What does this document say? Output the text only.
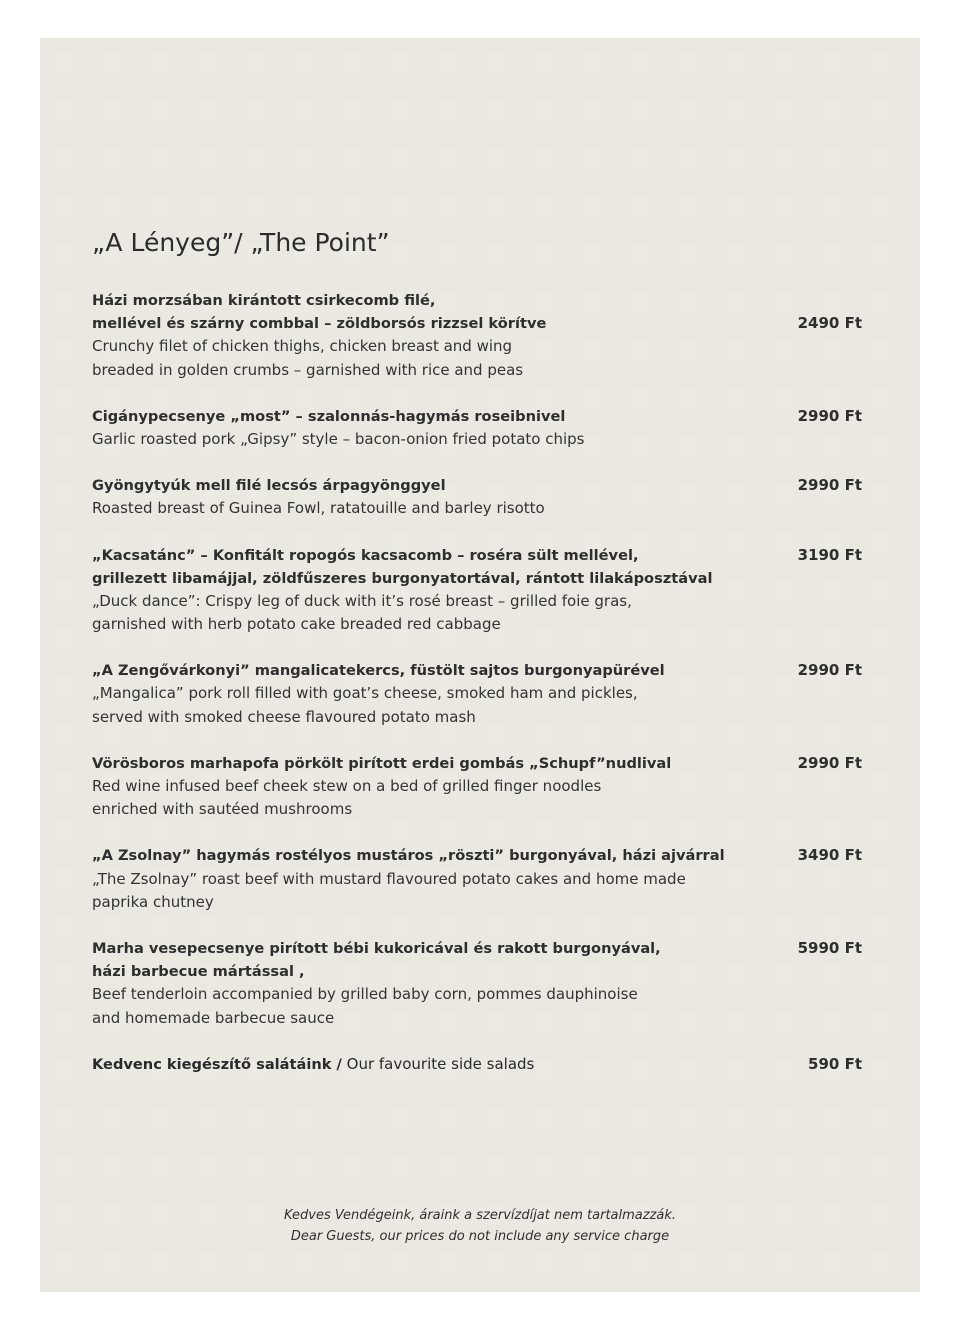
„A Lényeg”/ „The Point”
Házi morzsában kirántott csirkecomb filé,
mellével és szárny combbal – zöldborsós rizzsel körítve
Crunchy filet of chicken thighs, chicken breast and wing
breaded in golden crumbs – garnished with rice and peas
2490 Ft
Cigánypecsenye „most” – szalonnás-hagymás roseibnivel
Garlic roasted pork „Gipsy” style – bacon-onion fried potato chips
2990 Ft
Gyöngytyúk mell filé lecsós árpagyönggyel
Roasted breast of Guinea Fowl, ratatouille and barley risotto
2990 Ft
„Kacsatánc” – Konfitált ropogós kacsacomb – roséra sült mellével,
grillezett libamájjal, zöldfűszeres burgonyatortával, rántott lilakáposztával
„Duck dance”: Crispy leg of duck with it’s rosé breast – grilled foie gras,
garnished with herb potato cake breaded red cabbage
3190 Ft
„A Zengővárkonyi” mangalicatekercs, füstölt sajtos burgonyapürével
„Mangalica” pork roll filled with goat’s cheese, smoked ham and pickles,
served with smoked cheese flavoured potato mash
2990 Ft
Vörösboros marhapofa pörkölt pirított erdei gombás „Schupf”nudlival
Red wine infused beef cheek stew on a bed of grilled finger noodles
enriched with sautéed mushrooms
2990 Ft
„A Zsolnay” hagymás rostélyos mustáros „röszti” burgonyával, házi ajvárral
„The Zsolnay” roast beef with mustard flavoured potato cakes and home made
paprika chutney
3490 Ft
Marha vesepecsenye pirított bébi kukoricával és rakott burgonyával,
házi barbecue mártással ,
Beef tenderloin accompanied by grilled baby corn, pommes dauphinoise
and homemade barbecue sauce
5990 Ft
Kedvenc kiegészítő salátáink / Our favourite side salads	590 Ft
Kedves Vendégeink, áraink a szervízdíjat nem tartalmazzák.
Dear Guests, our prices do not include any service charge
